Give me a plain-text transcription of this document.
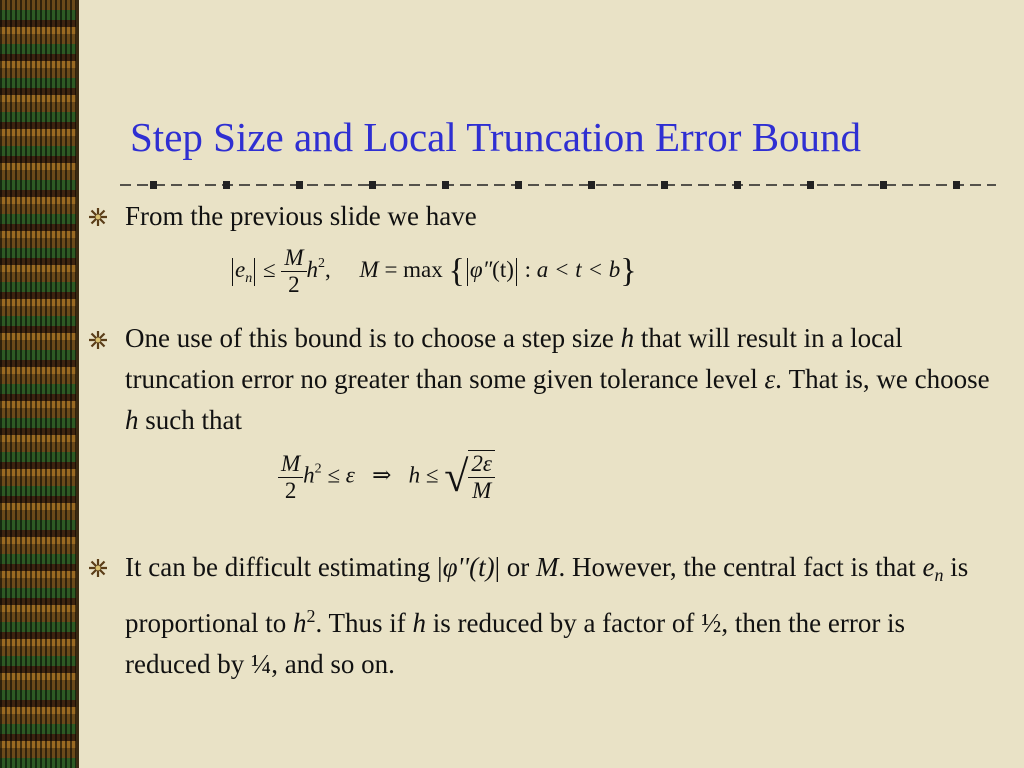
Step Size and Local Truncation Error Bound
From the previous slide we have
$e_n \le \frac{M}{2} h^2$, M = max { φ″(t) : a < t < b}
One use of this bound is to choose a step size h that will result in a local truncation error no greater than some given tolerance level ε. That is, we choose h such that
$\frac{M}{2} h^2 \le \varepsilon$ ⇒ h ≤ √ $\frac{2\varepsilon}{M}$
It can be difficult estimating |φ''(t)| or M. However, the central fact is that $e_n$ is proportional to $h^2$. Thus if h is reduced by a factor of ½, then the error is reduced by ¼, and so on.
